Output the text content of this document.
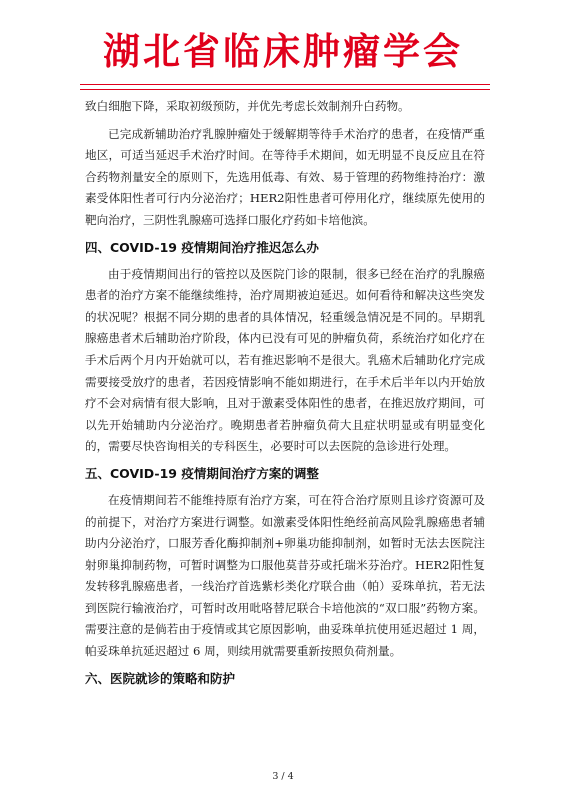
湖北省临床肿瘤学会

致白细胞下降，采取初级预防，并优先考虑长效制剂升白药物。

已完成新辅助治疗乳腺肿瘤处于缓解期等待手术治疗的患者，在疫情严重地区，可适当延迟手术治疗时间。在等待手术期间，如无明显不良反应且在符合药物剂量安全的原则下，先选用低毒、有效、易于管理的药物维持治疗：激素受体阳性者可行内分泌治疗；HER2阳性患者可停用化疗，继续原先使用的靶向治疗，三阴性乳腺癌可选择口服化疗药如卡培他滨。

四、COVID-19 疫情期间治疗推迟怎么办

由于疫情期间出行的管控以及医院门诊的限制，很多已经在治疗的乳腺癌患者的治疗方案不能继续维持，治疗周期被迫延迟。如何看待和解决这些突发的状况呢？根据不同分期的患者的具体情况，轻重缓急情况是不同的。早期乳腺癌患者术后辅助治疗阶段，体内已没有可见的肿瘤负荷，系统治疗如化疗在手术后两个月内开始就可以，若有推迟影响不是很大。乳癌术后辅助化疗完成需要接受放疗的患者，若因疫情影响不能如期进行，在手术后半年以内开始放疗不会对病情有很大影响，且对于激素受体阳性的患者，在推迟放疗期间，可以先开始辅助内分泌治疗。晚期患者若肿瘤负荷大且症状明显或有明显变化的，需要尽快咨询相关的专科医生，必要时可以去医院的急诊进行处理。

五、COVID-19 疫情期间治疗方案的调整

在疫情期间若不能维持原有治疗方案，可在符合治疗原则且诊疗资源可及的前提下，对治疗方案进行调整。如激素受体阳性绝经前高风险乳腺癌患者辅助内分泌治疗，口服芳香化酶抑制剂+卵巢功能抑制剂，如暂时无法去医院注射卵巢抑制药物，可暂时调整为口服他莫昔芬或托瑞米芬治疗。HER2阳性复发转移乳腺癌患者，一线治疗首选紫杉类化疗联合曲（帕）妥珠单抗，若无法到医院行输液治疗，可暂时改用吡咯替尼联合卡培他滨的“双口服”药物方案。需要注意的是倘若由于疫情或其它原因影响，曲妥珠单抗使用延迟超过 1 周，帕妥珠单抗延迟超过 6 周，则续用就需要重新按照负荷剂量。

六、医院就诊的策略和防护

3 / 4
